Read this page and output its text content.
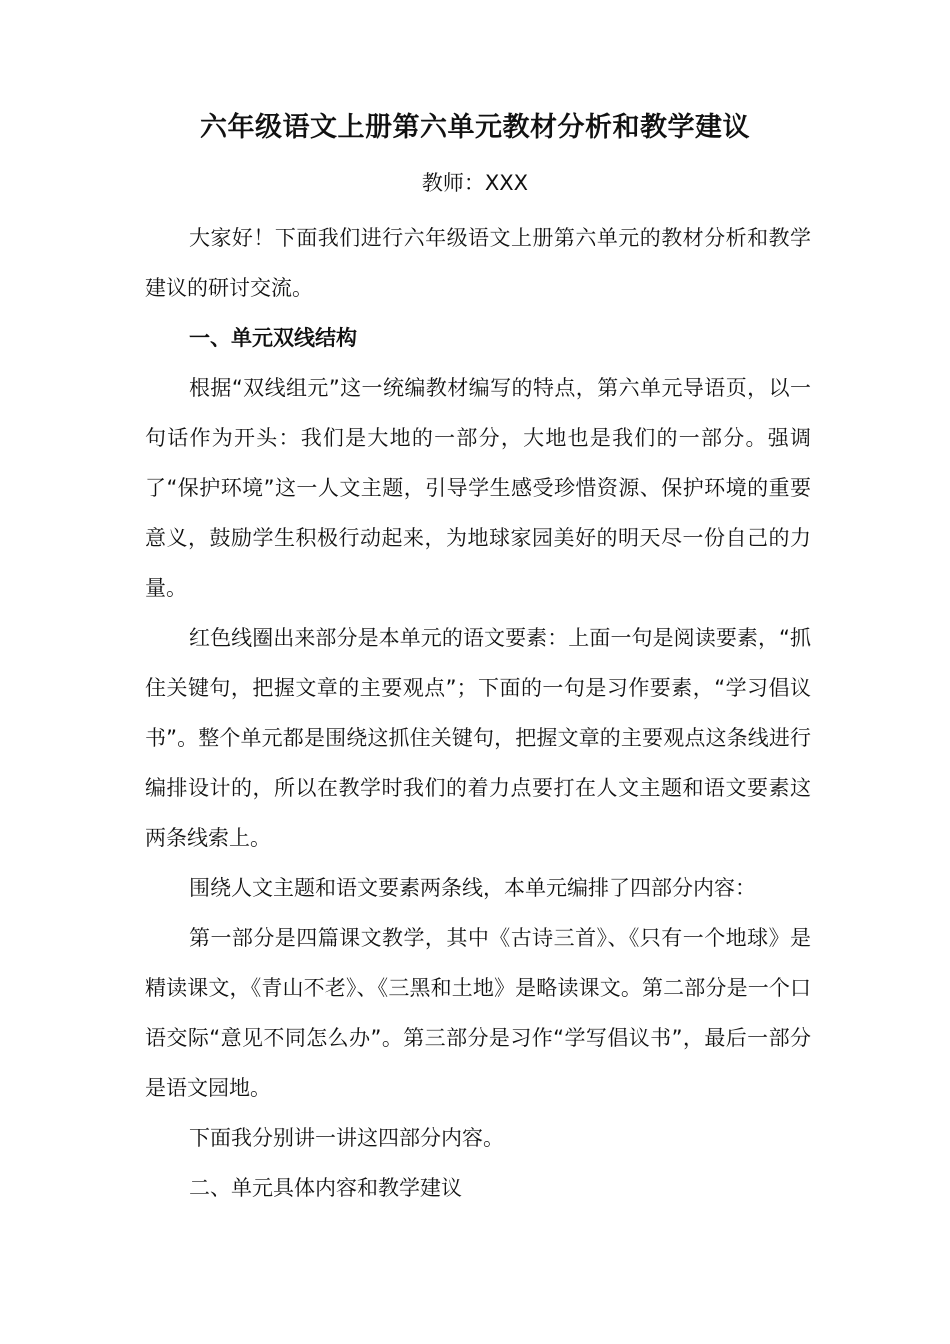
六年级语文上册第六单元教材分析和教学建议
教师：XXX

大家好！下面我们进行六年级语文上册第六单元的教材分析和教学建议的研讨交流。

一、单元双线结构

根据“双线组元”这一统编教材编写的特点，第六单元导语页，以一句话作为开头：我们是大地的一部分，大地也是我们的一部分。强调了“保护环境”这一人文主题，引导学生感受珍惜资源、保护环境的重要意义，鼓励学生积极行动起来，为地球家园美好的明天尽一份自己的力量。

红色线圈出来部分是本单元的语文要素：上面一句是阅读要素，“抓住关键句，把握文章的主要观点”；下面的一句是习作要素，“学习倡议书”。整个单元都是围绕这抓住关键句，把握文章的主要观点这条线进行编排设计的，所以在教学时我们的着力点要打在人文主题和语文要素这两条线索上。

围绕人文主题和语文要素两条线，本单元编排了四部分内容：

第一部分是四篇课文教学，其中《古诗三首》、《只有一个地球》是精读课文，《青山不老》、《三黑和土地》是略读课文。第二部分是一个口语交际“意见不同怎么办”。第三部分是习作“学写倡议书”，最后一部分是语文园地。

下面我分别讲一讲这四部分内容。

二、单元具体内容和教学建议
